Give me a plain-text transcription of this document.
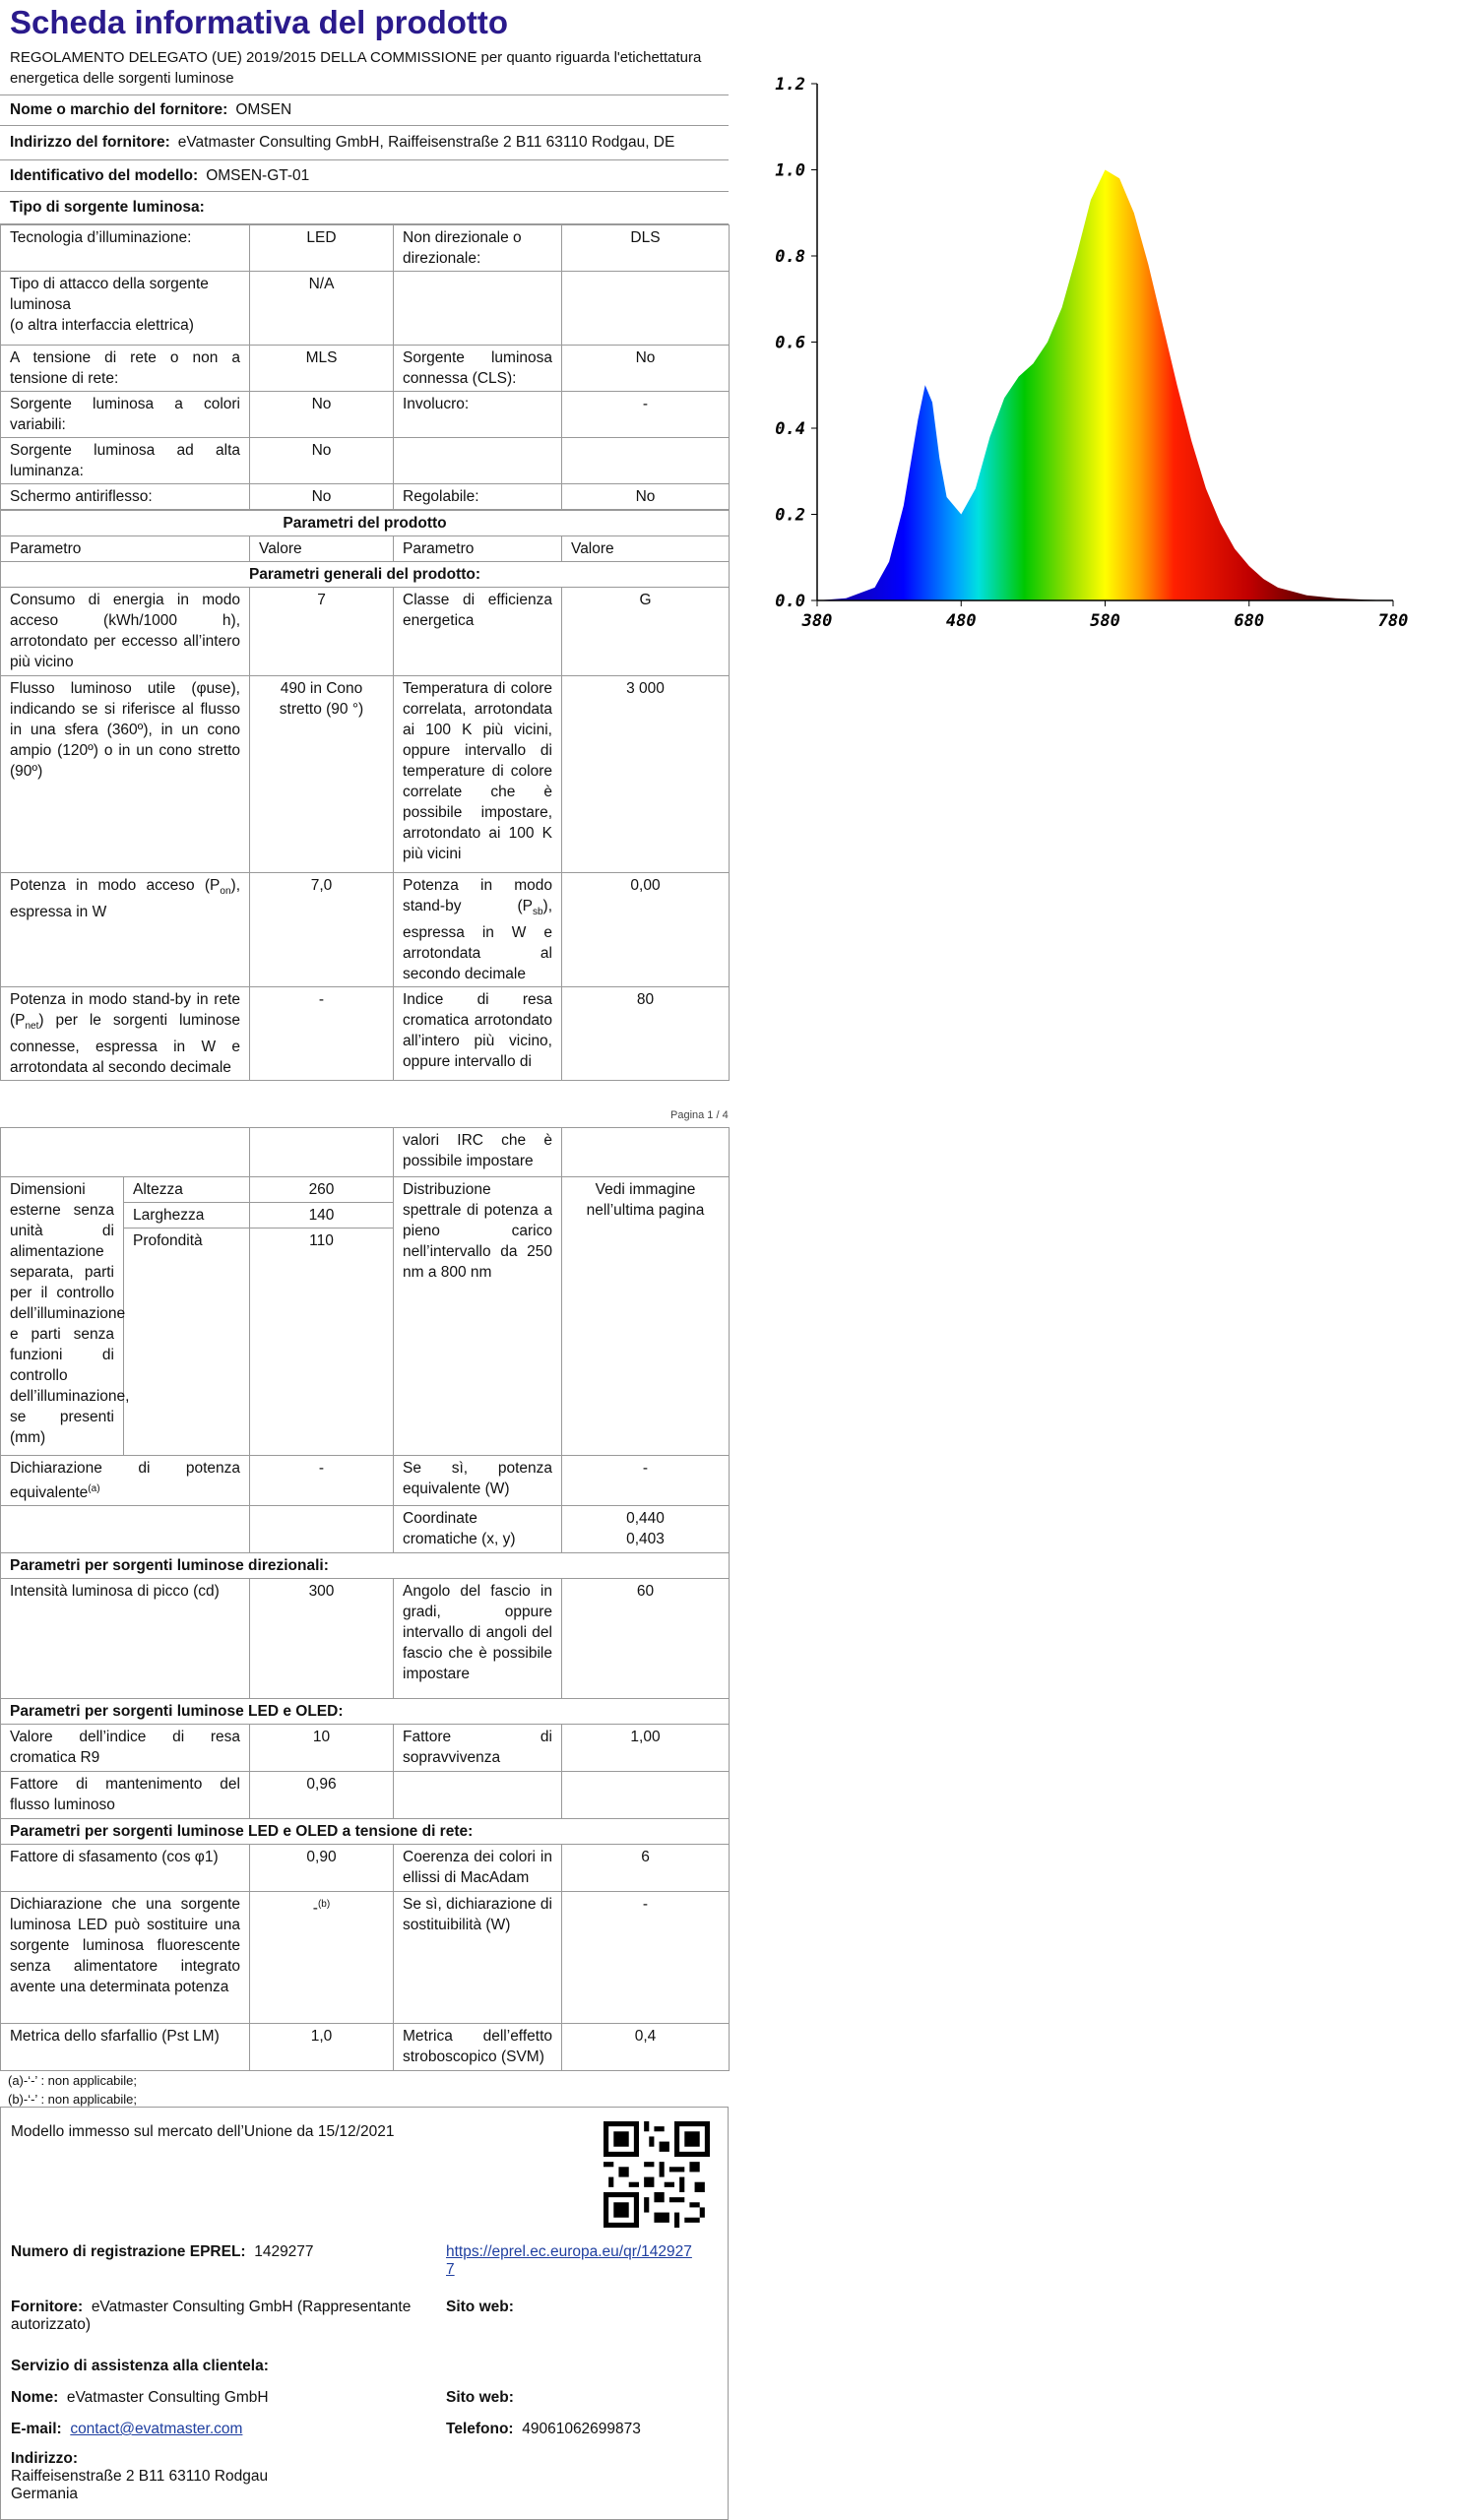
Scheda informativa del prodotto
REGOLAMENTO DELEGATO (UE) 2019/2015 DELLA COMMISSIONE per quanto riguarda l'etichettatura energetica delle sorgenti luminose
Nome o marchio del fornitore: OMSEN
Indirizzo del fornitore: eVatmaster Consulting GmbH, Raiffeisenstraße 2 B11 63110 Rodgau, DE
Identificativo del modello: OMSEN-GT-01
Tipo di sorgente luminosa:
Tecnologia d’illuminazione:	LED	Non direzionale o direzionale:	DLS

Tipo di attacco della sorgente luminosa
(o altra interfaccia elettrica)	N/A		
A tensione di rete o non a tensione di rete:	MLS	Sorgente luminosa connessa (CLS):	No
Sorgente luminosa a colori variabili:	No	Involucro:	-
Sorgente luminosa ad alta luminanza:	No		
Schermo antiriflesso:	No	Regolabile:	No
Parametri del prodotto			
Parametro	Valore	Parametro	Valore
Parametri generali del prodotto:			
Consumo di energia in modo acceso (kWh/1000 h), arrotondato per eccesso all’intero più vicino	7	Classe di efficienza energetica	G
Flusso luminoso utile (φuse), indicando se si riferisce al flusso in una sfera (360º), in un cono ampio (120º) o in un cono stretto (90º)	490 in Cono stretto (90 °)	Temperatura di colore correlata, arrotondata ai 100 K più vicini, oppure intervallo di temperature di colore correlate che è possibile impostare, arrotondato ai 100 K più vicini	3 000
Potenza in modo acceso $(P_{on})$, espressa in W	7,0	Potenza in modo stand-by $(P_{sb})$, espressa in W e arrotondata al secondo decimale	0,00
Potenza in modo stand-by in rete $(P_{net})$ per le sorgenti luminose connesse, espressa in W e arrotondata al secondo decimale	-	Indice di resa cromatica arrotondato all’intero più vicino, oppure intervallo di	80
Pagina 1 / 4
			valori IRC che è possibile impostare	
Dimensioni esterne senza unità di alimentazione separata, parti per il controllo dell’illuminazione e parti senza funzioni di controllo dell’illuminazione, se presenti (mm)	Altezza	260	Distribuzione spettrale di potenza a pieno carico nell’intervallo da 250 nm a 800 nm	Vedi immagine nell’ultima pagina
	Larghezza	140		
	Profondità	110		
Dichiarazione di potenza equivalente$^{(a)}$		-	Se sì, potenza equivalente (W)	-
			Coordinate cromatiche (x, y)	0,440
0,403

Parametri per sorgenti luminose direzionali:				
Intensità luminosa di picco (cd)		300	Angolo del fascio in gradi, oppure intervallo di angoli del fascio che è possibile impostare	60
Parametri per sorgenti luminose LED e OLED:				
Valore dell’indice di resa cromatica R9		10	Fattore di sopravvivenza	1,00
Fattore di mantenimento del flusso luminoso		0,96		
Parametri per sorgenti luminose LED e OLED a tensione di rete:				
Fattore di sfasamento (cos φ1)		0,90	Coerenza dei colori in ellissi di MacAdam	6
Dichiarazione che una sorgente luminosa LED può sostituire una sorgente luminosa fluorescente senza alimentatore integrato avente una determinata potenza		-$^{(b)}$	Se sì, dichiarazione di sostituibilità (W)	-
Metrica dello sfarfallio (Pst LM)		1,0	Metrica dell’effetto stroboscopico (SVM)	0,4
(a)‐‘‐’ : non applicabile;
(b)‐‘‐’ : non applicabile;
Modello immesso sul mercato dell’Unione da 15/12/2021
Numero di registrazione EPREL: 1429277	https://eprel.ec.europa.eu/qr/1429277
Fornitore: eVatmaster Consulting GmbH (Rappresentante autorizzato)
Sito web:
Servizio di assistenza alla clientela:
Nome: eVatmaster Consulting GmbH	Sito web:
E-mail: contact@evatmaster.com	Telefono: 49061062699873
Indirizzo:
Raiffeisenstraße 2 B11 63110 Rodgau
Germania
0.0
0.2
0.4
0.6
0.8
1.0
1.2
380	480	580	680	780
